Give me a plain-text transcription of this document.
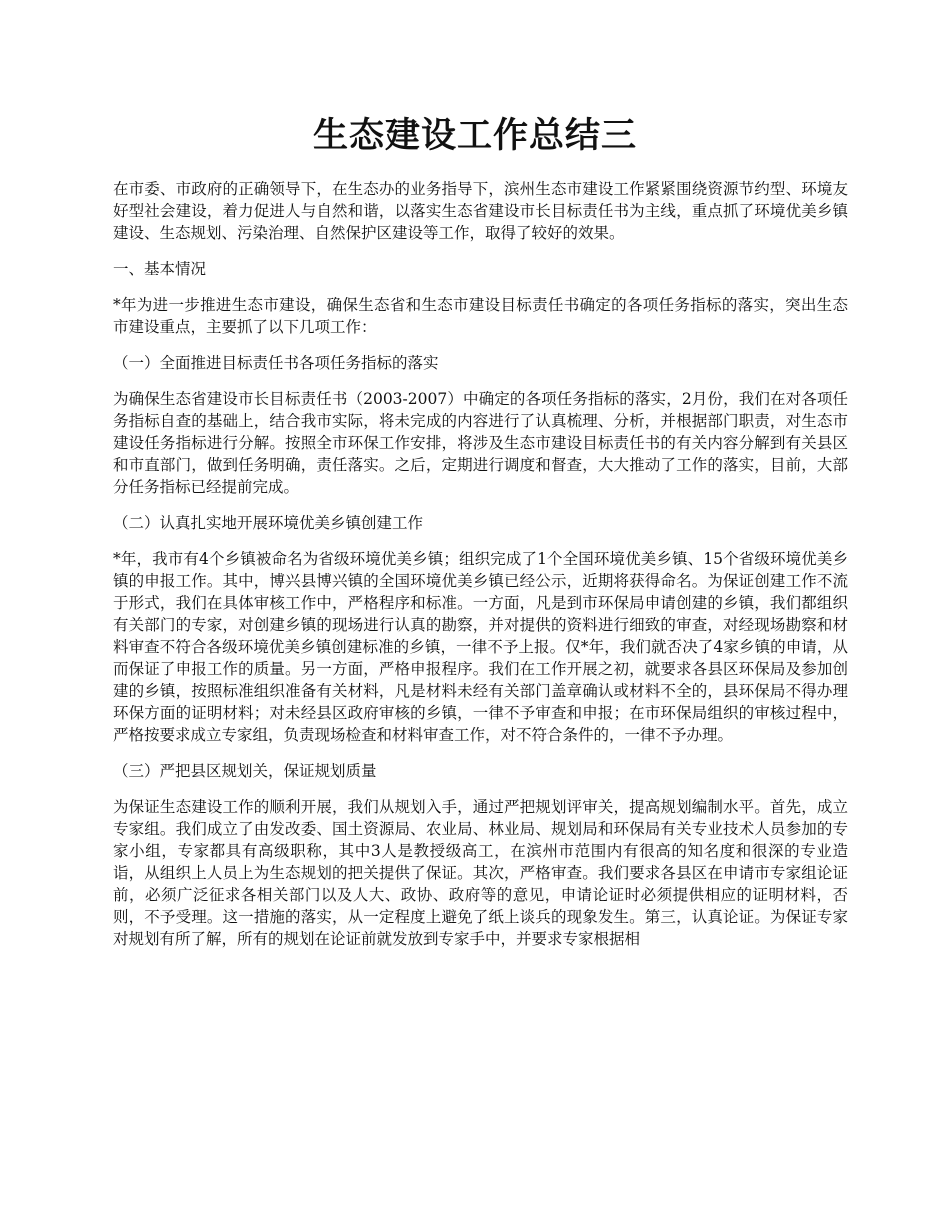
生态建设工作总结三

在市委、市政府的正确领导下，在生态办的业务指导下，滨州生态市建设工作紧紧围绕资源节约型、环境友好型社会建设，着力促进人与自然和谐，以落实生态省建设市长目标责任书为主线，重点抓了环境优美乡镇建设、生态规划、污染治理、自然保护区建设等工作，取得了较好的效果。

一、基本情况

*年为进一步推进生态市建设，确保生态省和生态市建设目标责任书确定的各项任务指标的落实，突出生态市建设重点，主要抓了以下几项工作：

（一）全面推进目标责任书各项任务指标的落实

为确保生态省建设市长目标责任书（2003-2007）中确定的各项任务指标的落实，2月份，我们在对各项任务指标自查的基础上，结合我市实际，将未完成的内容进行了认真梳理、分析，并根据部门职责，对生态市建设任务指标进行分解。按照全市环保工作安排，将涉及生态市建设目标责任书的有关内容分解到有关县区和市直部门，做到任务明确，责任落实。之后，定期进行调度和督查，大大推动了工作的落实，目前，大部分任务指标已经提前完成。

（二）认真扎实地开展环境优美乡镇创建工作

*年，我市有4个乡镇被命名为省级环境优美乡镇；组织完成了1个全国环境优美乡镇、15个省级环境优美乡镇的申报工作。其中，博兴县博兴镇的全国环境优美乡镇已经公示，近期将获得命名。为保证创建工作不流于形式，我们在具体审核工作中，严格程序和标准。一方面，凡是到市环保局申请创建的乡镇，我们都组织有关部门的专家，对创建乡镇的现场进行认真的勘察，并对提供的资料进行细致的审查，对经现场勘察和材料审查不符合各级环境优美乡镇创建标准的乡镇，一律不予上报。仅*年，我们就否决了4家乡镇的申请，从而保证了申报工作的质量。另一方面，严格申报程序。我们在工作开展之初，就要求各县区环保局及参加创建的乡镇，按照标准组织准备有关材料，凡是材料未经有关部门盖章确认或材料不全的，县环保局不得办理环保方面的证明材料；对未经县区政府审核的乡镇，一律不予审查和申报；在市环保局组织的审核过程中，严格按要求成立专家组，负责现场检查和材料审查工作，对不符合条件的，一律不予办理。

（三）严把县区规划关，保证规划质量

为保证生态建设工作的顺利开展，我们从规划入手，通过严把规划评审关，提高规划编制水平。首先，成立专家组。我们成立了由发改委、国土资源局、农业局、林业局、规划局和环保局有关专业技术人员参加的专家小组，专家都具有高级职称，其中3人是教授级高工，在滨州市范围内有很高的知名度和很深的专业造诣，从组织上人员上为生态规划的把关提供了保证。其次，严格审查。我们要求各县区在申请市专家组论证前，必须广泛征求各相关部门以及人大、政协、政府等的意见，申请论证时必须提供相应的证明材料，否则，不予受理。这一措施的落实，从一定程度上避免了纸上谈兵的现象发生。第三，认真论证。为保证专家对规划有所了解，所有的规划在论证前就发放到专家手中，并要求专家根据相
